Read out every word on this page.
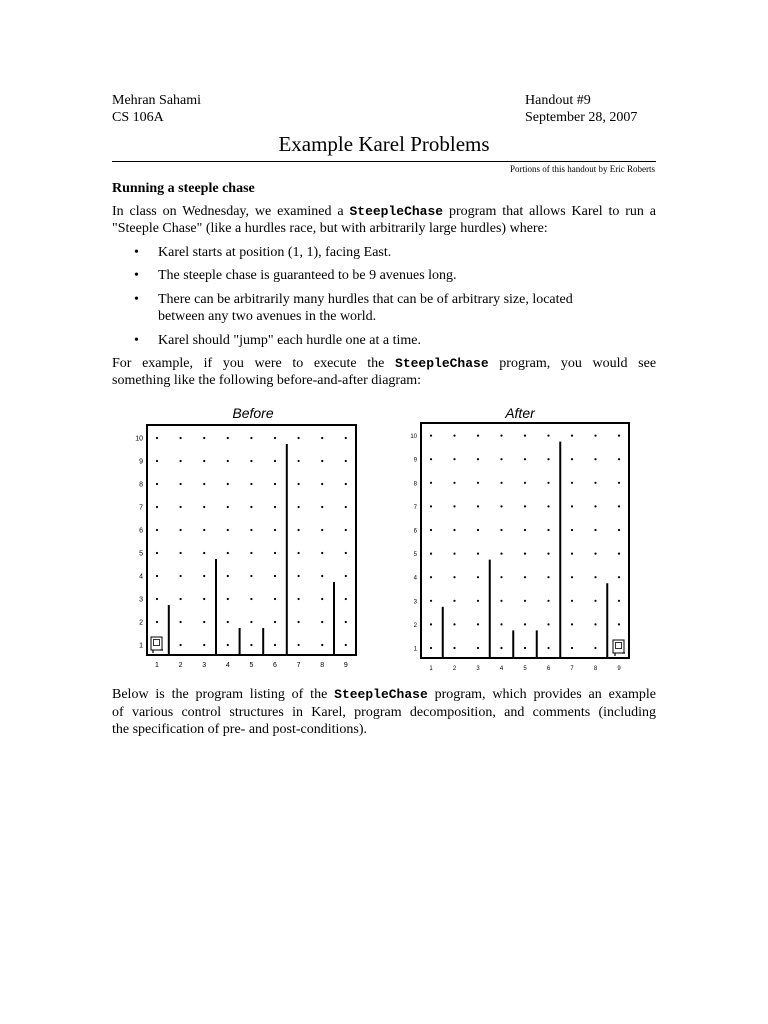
Mehran Sahami
CS 106A
Handout #9
September 28, 2007
Example Karel Problems
Portions of this handout by Eric Roberts
Running a steeple chase
In class on Wednesday, we examined a SteepleChase program that allows Karel to run a
"Steeple Chase" (like a hurdles race, but with arbitrarily large hurdles) where:
• Karel starts at position (1, 1), facing East.
• The steeple chase is guaranteed to be 9 avenues long.
• There can be arbitrarily many hurdles that can be of arbitrary size, located
between any two avenues in the world.
• Karel should "jump" each hurdle one at a time.
For example, if you were to execute the SteepleChase program, you would see
something like the following before-and-after diagram:
Before
1	2	3	4	5	6	7	8	9
1
2
3
4
5
6
7
8
9
10
After
1	2	3	4	5	6	7	8	9
1
2
3
4
5
6
7
8
9
10
Below is the program listing of the SteepleChase program, which provides an example
of various control structures in Karel, program decomposition, and comments (including
the specification of pre- and post-conditions).
